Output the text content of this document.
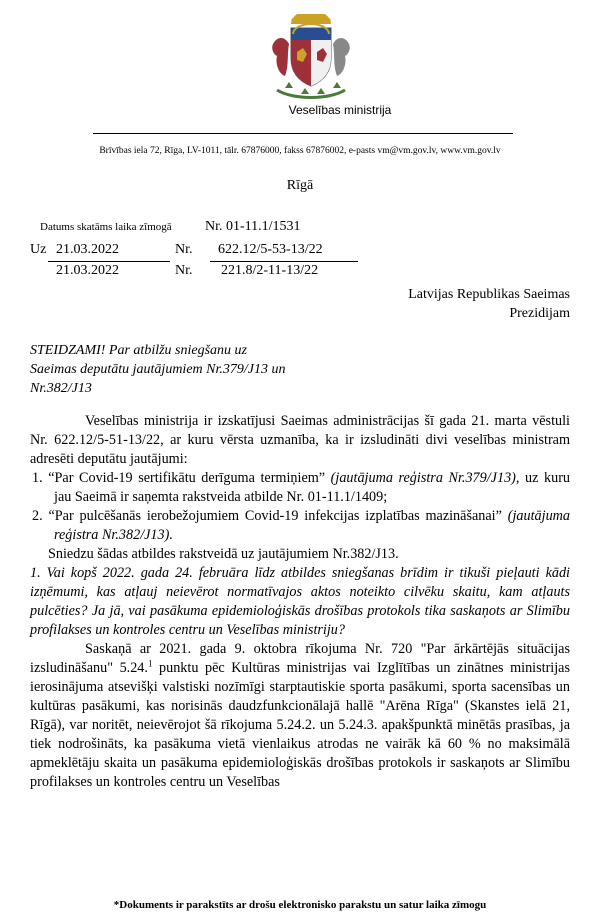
Veselības ministrija
Brīvības iela 72, Rīga, LV-1011, tālr. 67876000, fakss 67876002, e-pasts vm@vm.gov.lv, www.vm.gov.lv
Rīgā
Datums skatāms laika zīmogā Nr. 01-11.1/1531
Uz 21.03.2022	Nr. 622.12/5-53-13/22
21.03.2022	Nr. 221.8/2-11-13/22
Latvijas Republikas Saeimas
Prezidijam
STEIDZAMI! Par atbilžu sniegšanu uz
Saeimas deputātu jautājumiem Nr.379/J13 un
Nr.382/J13

Veselības ministrija ir izskatījusi Saeimas administrācijas šī gada 21. marta vēstuli Nr. 622.12/5-51-13/22, ar kuru vērsta uzmanība, ka ir izsludināti divi veselības ministram adresēti deputātu jautājumi:

1. “Par Covid-19 sertifikātu derīguma termiņiem” (jautājuma reģistra Nr.379/J13), uz kuru jau Saeimā ir saņemta rakstveida atbilde Nr. 01-11.1/1409;

2. “Par pulcēšanās ierobežojumiem Covid-19 infekcijas izplatības mazināšanai” (jautājuma reģistra Nr.382/J13).

Sniedzu šādas atbildes rakstveidā uz jautājumiem Nr.382/J13.

1. Vai kopš 2022. gada 24. februāra līdz atbildes sniegšanas brīdim ir tikuši pieļauti kādi izņēmumi, kas atļauj neievērot normatīvajos aktos noteikto cilvēku skaitu, kam atļauts pulcēties? Ja jā, vai pasākuma epidemioloģiskās drošības protokols tika saskaņots ar Slimību profilakses un kontroles centru un Veselības ministriju?

Saskaņā ar 2021. gada 9. oktobra rīkojuma Nr. 720 "Par ārkārtējās situācijas izsludināšanu" 5.24.$^1$ punktu pēc Kultūras ministrijas vai Izglītības un zinātnes ministrijas ierosinājuma atsevišķi valstiski nozīmīgi starptautiskie sporta pasākumi, sporta sacensības un kultūras pasākumi, kas norisinās daudzfunkcionālajā hallē "Arēna Rīga" (Skanstes ielā 21, Rīgā), var noritēt, neievērojot šā rīkojuma 5.24.2. un 5.24.3. apakšpunktā minētās prasības, ja tiek nodrošināts, ka pasākuma vietā vienlaikus atrodas ne vairāk kā 60 % no maksimālā apmeklētāju skaita un pasākuma epidemioloģiskās drošības protokols ir saskaņots ar Slimību profilakses un kontroles centru un Veselības

*Dokuments ir parakstīts ar drošu elektronisko parakstu un satur laika zīmogu
